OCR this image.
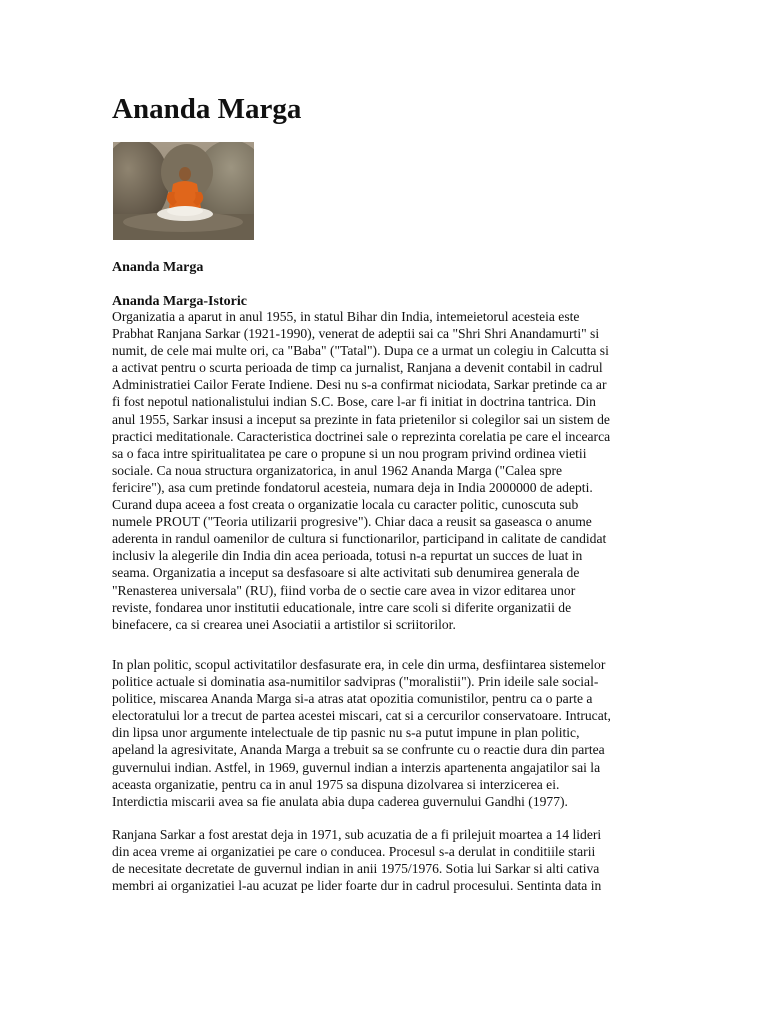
Ananda Marga

Ananda Marga

Ananda Marga-Istoric

Organizatia a aparut in anul 1955, in statul Bihar din India, intemeietorul acesteia este
Prabhat Ranjana Sarkar (1921-1990), venerat de adeptii sai ca "Shri Shri Anandamurti" si
numit, de cele mai multe ori, ca "Baba" ("Tatal"). Dupa ce a urmat un colegiu in Calcutta si
a activat pentru o scurta perioada de timp ca jurnalist, Ranjana a devenit contabil in cadrul
Administratiei Cailor Ferate Indiene. Desi nu s-a confirmat niciodata, Sarkar pretinde ca ar
fi fost nepotul nationalistului indian S.C. Bose, care l-ar fi initiat in doctrina tantrica. Din
anul 1955, Sarkar insusi a inceput sa prezinte in fata prietenilor si colegilor sai un sistem de
practici meditationale. Caracteristica doctrinei sale o reprezinta corelatia pe care el incearca
sa o faca intre spiritualitatea pe care o propune si un nou program privind ordinea vietii
sociale. Ca noua structura organizatorica, in anul 1962 Ananda Marga ("Calea spre
fericire"), asa cum pretinde fondatorul acesteia, numara deja in India 2000000 de adepti.
Curand dupa aceea a fost creata o organizatie locala cu caracter politic, cunoscuta sub
numele PROUT ("Teoria utilizarii progresive"). Chiar daca a reusit sa gaseasca o anume
aderenta in randul oamenilor de cultura si functionarilor, participand in calitate de candidat
inclusiv la alegerile din India din acea perioada, totusi n-a repurtat un succes de luat in
seama. Organizatia a inceput sa desfasoare si alte activitati sub denumirea generala de
"Renasterea universala" (RU), fiind vorba de o sectie care avea in vizor editarea unor
reviste, fondarea unor institutii educationale, intre care scoli si diferite organizatii de
binefacere, ca si crearea unei Asociatii a artistilor si scriitorilor.

In plan politic, scopul activitatilor desfasurate era, in cele din urma, desfiintarea sistemelor
politice actuale si dominatia asa-numitilor sadvipras ("moralistii"). Prin ideile sale social-
politice, miscarea Ananda Marga si-a atras atat opozitia comunistilor, pentru ca o parte a
electoratului lor a trecut de partea acestei miscari, cat si a cercurilor conservatoare. Intrucat,
din lipsa unor argumente intelectuale de tip pasnic nu s-a putut impune in plan politic,
apeland la agresivitate, Ananda Marga a trebuit sa se confrunte cu o reactie dura din partea
guvernului indian. Astfel, in 1969, guvernul indian a interzis apartenenta angajatilor sai la
aceasta organizatie, pentru ca in anul 1975 sa dispuna dizolvarea si interzicerea ei.
Interdictia miscarii avea sa fie anulata abia dupa caderea guvernului Gandhi (1977).

Ranjana Sarkar a fost arestat deja in 1971, sub acuzatia de a fi prilejuit moartea a 14 lideri
din acea vreme ai organizatiei pe care o conducea. Procesul s-a derulat in conditiile starii
de necesitate decretate de guvernul indian in anii 1975/1976. Sotia lui Sarkar si alti cativa
membri ai organizatiei l-au acuzat pe lider foarte dur in cadrul procesului. Sentinta data in
